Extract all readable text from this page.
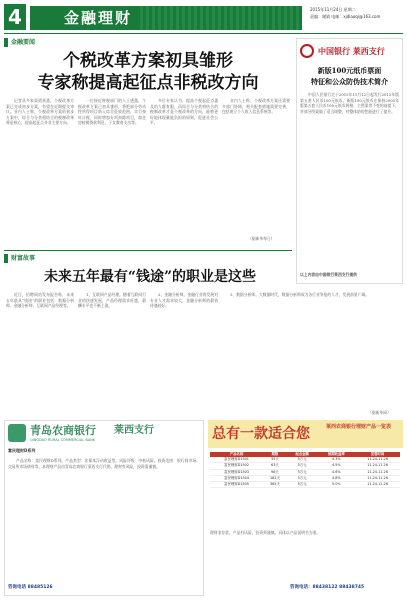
4	金融理财	2015年11月24日 星期二
责编：谢婧 电邮：xjdiaoqi@163.com
金融要闻
个税改革方案初具雏形
专家称提高起征点非税改方向

记者从多家渠道获悉，个税改革方案已完成初步方案，有望在近期提交审议。业内人士称，个税改革方案的初步方案中，综合与分类相结合的税制改革将是核心，提高起征点并非主要方向。

一位接近财税部门的人士透露，个税改革方案已初具雏形，将把部分劳动性所得项目纳入综合征收范围，实行按年计税，同时增加专项扣除项目，如住房按揭贷款利息、子女教育支出等。

多位专家认为，提高个税起征点惠及的人群有限，而综合与分类相结合的税制改革才是个税改革的方向，能够更好地体现量能负担的原则，促进社会公平。

业内人士称，个税改革方案还需要多部门协调，相关配套措施需要完善，包括建立个人收入信息系统等。

（据新华每日）
财富故事
未来五年最有“钱途”的职业是这些

近日，招聘网站发布报告称，未来五年最具“钱途”的职业包括：数据分析师、金融分析师、互联网产品经理等。

1、互联网产品经理。随着互联网行业的快速发展，产品经理需求旺盛，薪酬水平也不断上涨。

2、金融分析师。金融行业的发展对专业人才需求较大，金融分析师的薪资待遇较好。

3、数据分析师。大数据时代，数据分析师成为各行业争抢的人才，发展前景广阔。

（据新华网）
中国银行 莱西支行
新版100元纸币票面
特征和公众防伪技术简介

中国人民银行定于2015年11月12日起发行2015年版第五套人民币100元纸币。新版100元纸币在保持2005年版第五套人民币100元纸币规格、主图案等不变的前提下，对部分图案做了适当调整，对整体防伪性能进行了提升。

以上内容由中国银行莱西支行提供
青岛农商银行
QINGDAO RURAL COMMERCIAL BANK
莱西支行
富民理财D系列

产品名称：富民理财D系列。产品类型：非保本浮动收益型。风险评级：中低风险。投资范围：银行间市场、交易所市场债券等。本理财产品由青岛农商银行莱西支行代销，理财有风险，投资需谨慎。

咨询电话 88485126
总有一款适合您	莱西农商银行理财产品一览表
产品名称	期限	起点金额	预期收益率	发售时间
富民理财D1501	35天	5万元	4.3%	11.24-11.26
富民理财D1502	63天	5万元	4.5%	11.24-11.26
富民理财D1503	98天	5万元	4.6%	11.24-11.26
富民理财D1504	182天	5万元	4.8%	11.24-11.26
富民理财D1505	365天	5万元	5.0%	11.24-11.26
理财非存款，产品有风险，投资须谨慎。具体以产品说明书为准。
咨询电话：88438122 88438745
